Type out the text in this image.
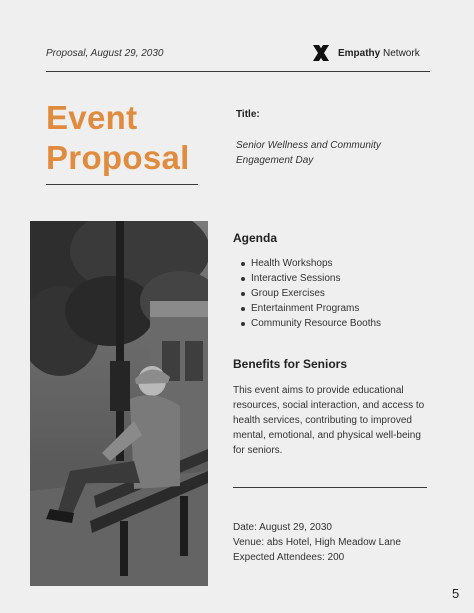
Proposal, August 29, 2030	Empathy Network
Event
Proposal
Title:
Senior Wellness and Community Engagement Day
Agenda
Health Workshops
Interactive Sessions
Group Exercises
Entertainment Programs
Community Resource Booths
Benefits for Seniors
This event aims to provide educational resources, social interaction, and access to health services, contributing to improved mental, emotional, and physical well-being for seniors.
Date: August 29, 2030
Venue: abs Hotel, High Meadow Lane
Expected Attendees: 200
5
